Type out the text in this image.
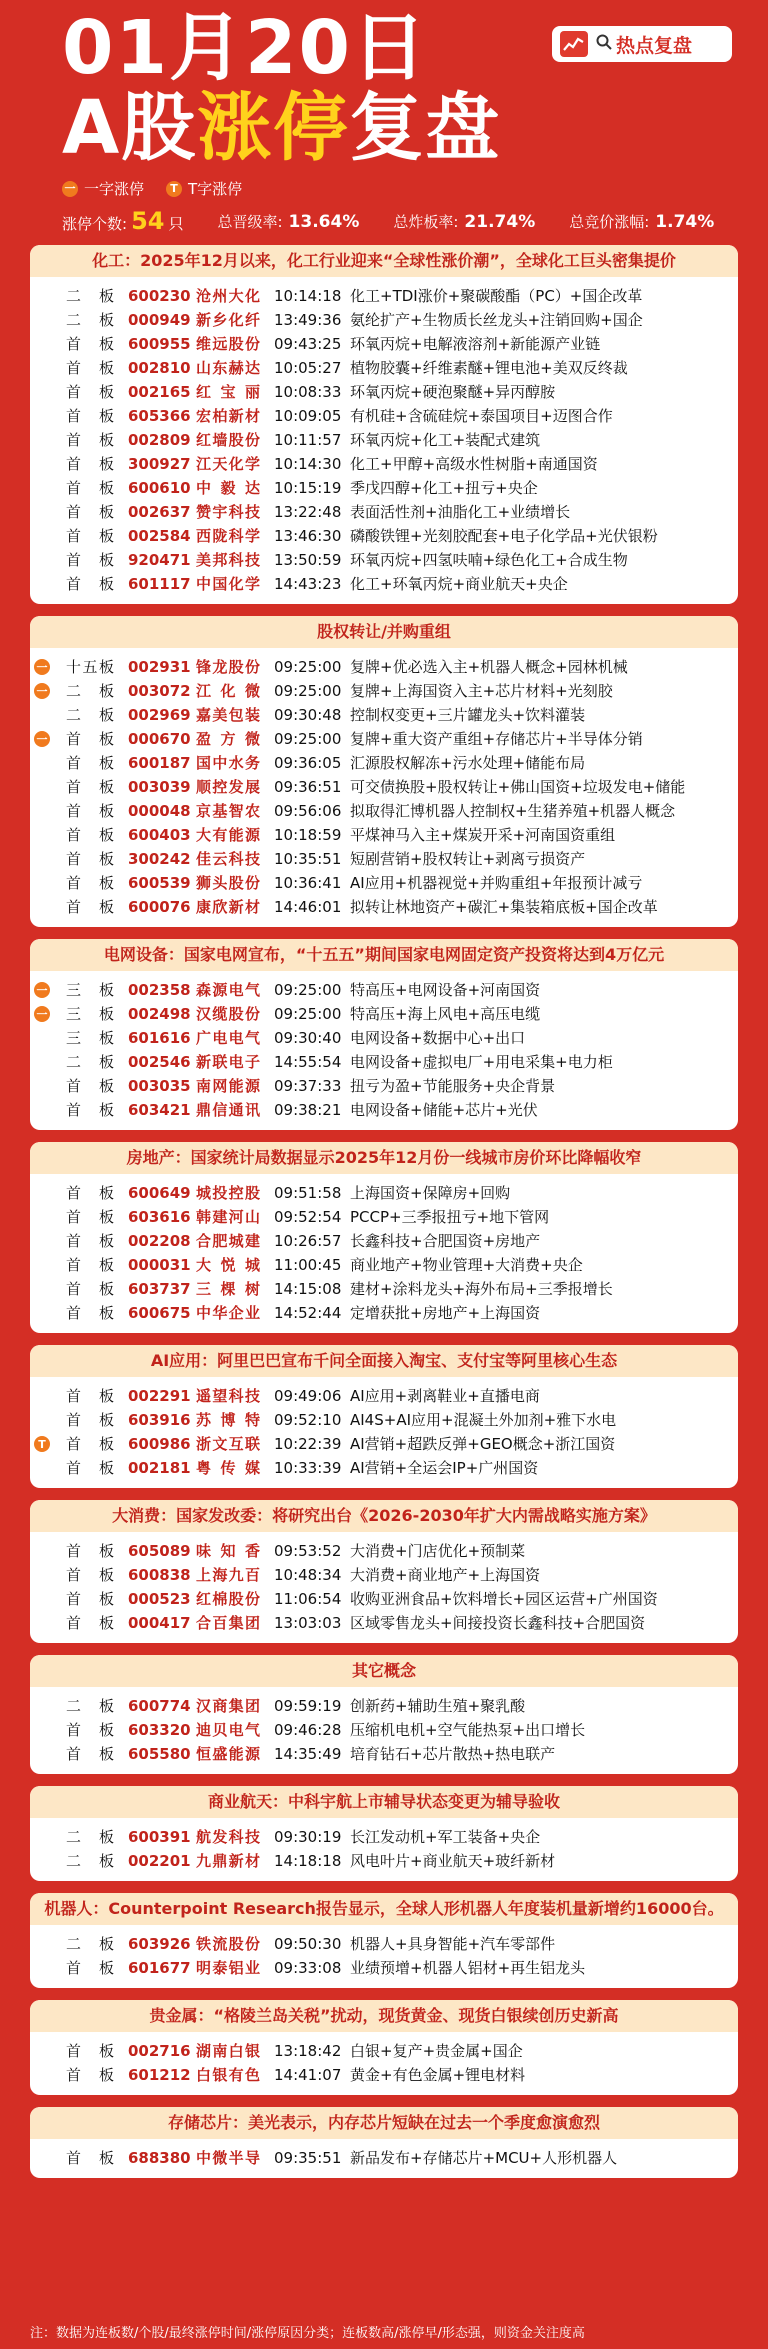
01月20日
A股涨停复盘
热点复盘
一 一字涨停	T T字涨停
涨停个数: 54 只 总晋级率: 13.64% 总炸板率: 21.74% 总竞价涨幅: 1.74%
化工：2025年12月以来，化工行业迎来“全球性涨价潮”，全球化工巨头密集提价
二板 600230 沧州大化 10:14:18 化工+TDI涨价+聚碳酸酯（PC）+国企改革
二板 000949 新乡化纤 13:49:36 氨纶扩产+生物质长丝龙头+注销回购+国企
首板 600955 维远股份 09:43:25 环氧丙烷+电解液溶剂+新能源产业链
首板 002810 山东赫达 10:05:27 植物胶囊+纤维素醚+锂电池+美双反终裁
首板 002165 红宝丽 10:08:33 环氧丙烷+硬泡聚醚+异丙醇胺
首板 605366 宏柏新材 10:09:05 有机硅+含硫硅烷+泰国项目+迈图合作
首板 002809 红墙股份 10:11:57 环氧丙烷+化工+装配式建筑
首板 300927 江天化学 10:14:30 化工+甲醇+高级水性树脂+南通国资
首板 600610 中毅达 10:15:19 季戊四醇+化工+扭亏+央企
首板 002637 赞宇科技 13:22:48 表面活性剂+油脂化工+业绩增长
首板 002584 西陇科学 13:46:30 磷酸铁锂+光刻胶配套+电子化学品+光伏银粉
首板 920471 美邦科技 13:50:59 环氧丙烷+四氢呋喃+绿色化工+合成生物
首板 601117 中国化学 14:43:23 化工+环氧丙烷+商业航天+央企
股权转让/并购重组
一 十五板 002931 锋龙股份 09:25:00 复牌+优必选入主+机器人概念+园林机械
一 二板 003072 江化微 09:25:00 复牌+上海国资入主+芯片材料+光刻胶
二板 002969 嘉美包装 09:30:48 控制权变更+三片罐龙头+饮料灌装
一 首板 000670 盈方微 09:25:00 复牌+重大资产重组+存储芯片+半导体分销
首板 600187 国中水务 09:36:05 汇源股权解冻+污水处理+储能布局
首板 003039 顺控发展 09:36:51 可交债换股+股权转让+佛山国资+垃圾发电+储能
首板 000048 京基智农 09:56:06 拟取得汇博机器人控制权+生猪养殖+机器人概念
首板 600403 大有能源 10:18:59 平煤神马入主+煤炭开采+河南国资重组
首板 300242 佳云科技 10:35:51 短剧营销+股权转让+剥离亏损资产
首板 600539 狮头股份 10:36:41 AI应用+机器视觉+并购重组+年报预计减亏
首板 600076 康欣新材 14:46:01 拟转让林地资产+碳汇+集装箱底板+国企改革
电网设备：国家电网宣布，“十五五”期间国家电网固定资产投资将达到4万亿元
一 三板 002358 森源电气 09:25:00 特高压+电网设备+河南国资
一 三板 002498 汉缆股份 09:25:00 特高压+海上风电+高压电缆
三板 601616 广电电气 09:30:40 电网设备+数据中心+出口
二板 002546 新联电子 14:55:54 电网设备+虚拟电厂+用电采集+电力柜
首板 003035 南网能源 09:37:33 扭亏为盈+节能服务+央企背景
首板 603421 鼎信通讯 09:38:21 电网设备+储能+芯片+光伏
房地产：国家统计局数据显示2025年12月份一线城市房价环比降幅收窄
首板 600649 城投控股 09:51:58 上海国资+保障房+回购
首板 603616 韩建河山 09:52:54 PCCP+三季报扭亏+地下管网
首板 002208 合肥城建 10:26:57 长鑫科技+合肥国资+房地产
首板 000031 大悦城 11:00:45 商业地产+物业管理+大消费+央企
首板 603737 三棵树 14:15:08 建材+涂料龙头+海外布局+三季报增长
首板 600675 中华企业 14:52:44 定增获批+房地产+上海国资
AI应用：阿里巴巴宣布千问全面接入淘宝、支付宝等阿里核心生态
首板 002291 遥望科技 09:49:06 AI应用+剥离鞋业+直播电商
首板 603916 苏博特 09:52:10 AI4S+AI应用+混凝土外加剂+雅下水电
T 首板 600986 浙文互联 10:22:39 AI营销+超跌反弹+GEO概念+浙江国资
首板 002181 粤传媒 10:33:39 AI营销+全运会IP+广州国资
大消费：国家发改委：将研究出台《2026-2030年扩大内需战略实施方案》
首板 605089 味知香 09:53:52 大消费+门店优化+预制菜
首板 600838 上海九百 10:48:34 大消费+商业地产+上海国资
首板 000523 红棉股份 11:06:54 收购亚洲食品+饮料增长+园区运营+广州国资
首板 000417 合百集团 13:03:03 区域零售龙头+间接投资长鑫科技+合肥国资
其它概念
二板 600774 汉商集团 09:59:19 创新药+辅助生殖+聚乳酸
首板 603320 迪贝电气 09:46:28 压缩机电机+空气能热泵+出口增长
首板 605580 恒盛能源 14:35:49 培育钻石+芯片散热+热电联产
商业航天：中科宇航上市辅导状态变更为辅导验收
二板 600391 航发科技 09:30:19 长江发动机+军工装备+央企
二板 002201 九鼎新材 14:18:18 风电叶片+商业航天+玻纤新材
机器人：Counterpoint Research报告显示，全球人形机器人年度装机量新增约16000台。
二板 603926 铁流股份 09:50:30 机器人+具身智能+汽车零部件
首板 601677 明泰铝业 09:33:08 业绩预增+机器人铝材+再生铝龙头
贵金属：“格陵兰岛关税”扰动，现货黄金、现货白银续创历史新高
首板 002716 湖南白银 13:18:42 白银+复产+贵金属+国企
首板 601212 白银有色 14:41:07 黄金+有色金属+锂电材料
存储芯片：美光表示，内存芯片短缺在过去一个季度愈演愈烈
首板 688380 中微半导 09:35:51 新品发布+存储芯片+MCU+人形机器人
注：数据为连板数/个股/最终涨停时间/涨停原因分类；连板数高/涨停早/形态强，则资金关注度高
